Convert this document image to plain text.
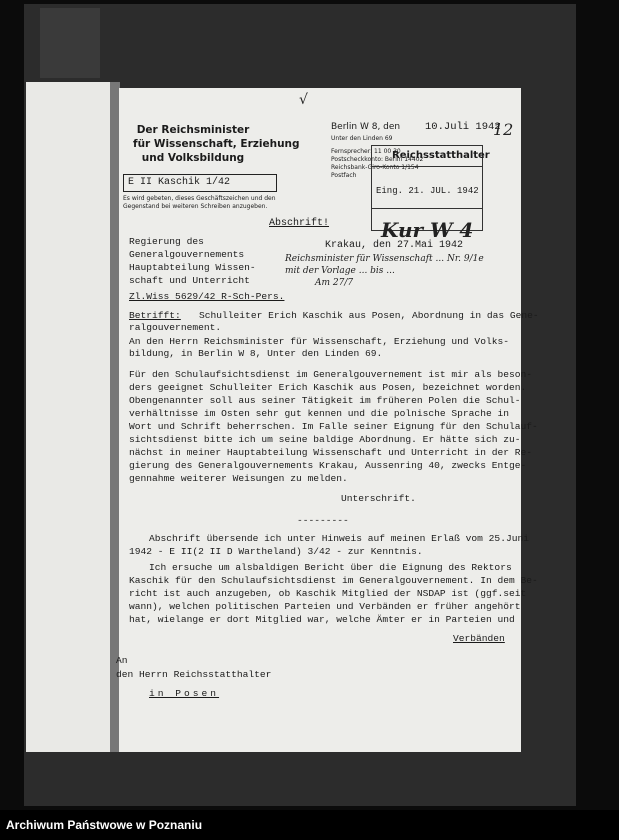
√
12
Der Reichsminister
für Wissenschaft, Erziehung
und Volksbildung
Berlin W 8, den 10.Juli 1942
Unter den Linden 69
Fernsprecher: 11 00 30
Postscheckkonto: Berlin 14402
Reichsbank-Giro-Konto 1/154
Postfach
E II Kaschik 1/42
Es wird gebeten, dieses Geschäftszeichen und den
Gegenstand bei weiteren Schreiben anzugeben.
Reichsstatthalter
Eing. 21. JUL. 1942
Abschrift!	Kur W 4
Regierung des
Generalgouvernements
Hauptabteilung Wissen-
schaft und Unterricht
Zl.Wiss 5629/42 R-Sch-Pers.
Krakau, den 27.Mai 1942
Reichsminister für Wissenschaft ... Nr. 9/1e
mit der Vorlage ... bis ...
Am 27/7
Betrifft: Schulleiter Erich Kaschik aus Posen, Abordnung in das Gene-
ralgouvernement.
An den Herrn Reichsminister für Wissenschaft, Erziehung und Volks-
bildung, in Berlin W 8, Unter den Linden 69.
Für den Schulaufsichtsdienst im Generalgouvernement ist mir als beson-
ders geeignet Schulleiter Erich Kaschik aus Posen, bezeichnet worden.
Obengenannter soll aus seiner Tätigkeit im früheren Polen die Schul-
verhältnisse im Osten sehr gut kennen und die polnische Sprache in
Wort und Schrift beherrschen. Im Falle seiner Eignung für den Schulauf-
sichtsdienst bitte ich um seine baldige Abordnung. Er hätte sich zu-
nächst in meiner Hauptabteilung Wissenschaft und Unterricht in der Re-
gierung des Generalgouvernements Krakau, Aussenring 40, zwecks Entge-
gennahme weiterer Weisungen zu melden.
Unterschrift.
---------
Abschrift übersende ich unter Hinweis auf meinen Erlaß vom 25.Juni
1942 - E II(2 II D Wartheland) 3/42 - zur Kenntnis.
Ich ersuche um alsbaldigen Bericht über die Eignung des Rektors
Kaschik für den Schulaufsichtsdienst im Generalgouvernement. In dem Be-
richt ist auch anzugeben, ob Kaschik Mitglied der NSDAP ist (ggf.seit
wann), welchen politischen Parteien und Verbänden er früher angehört
hat, wielange er dort Mitglied war, welche Ämter er in Parteien und
Verbänden
An
den Herrn Reichsstatthalter
in Posen
Archiwum Państwowe w Poznaniu
